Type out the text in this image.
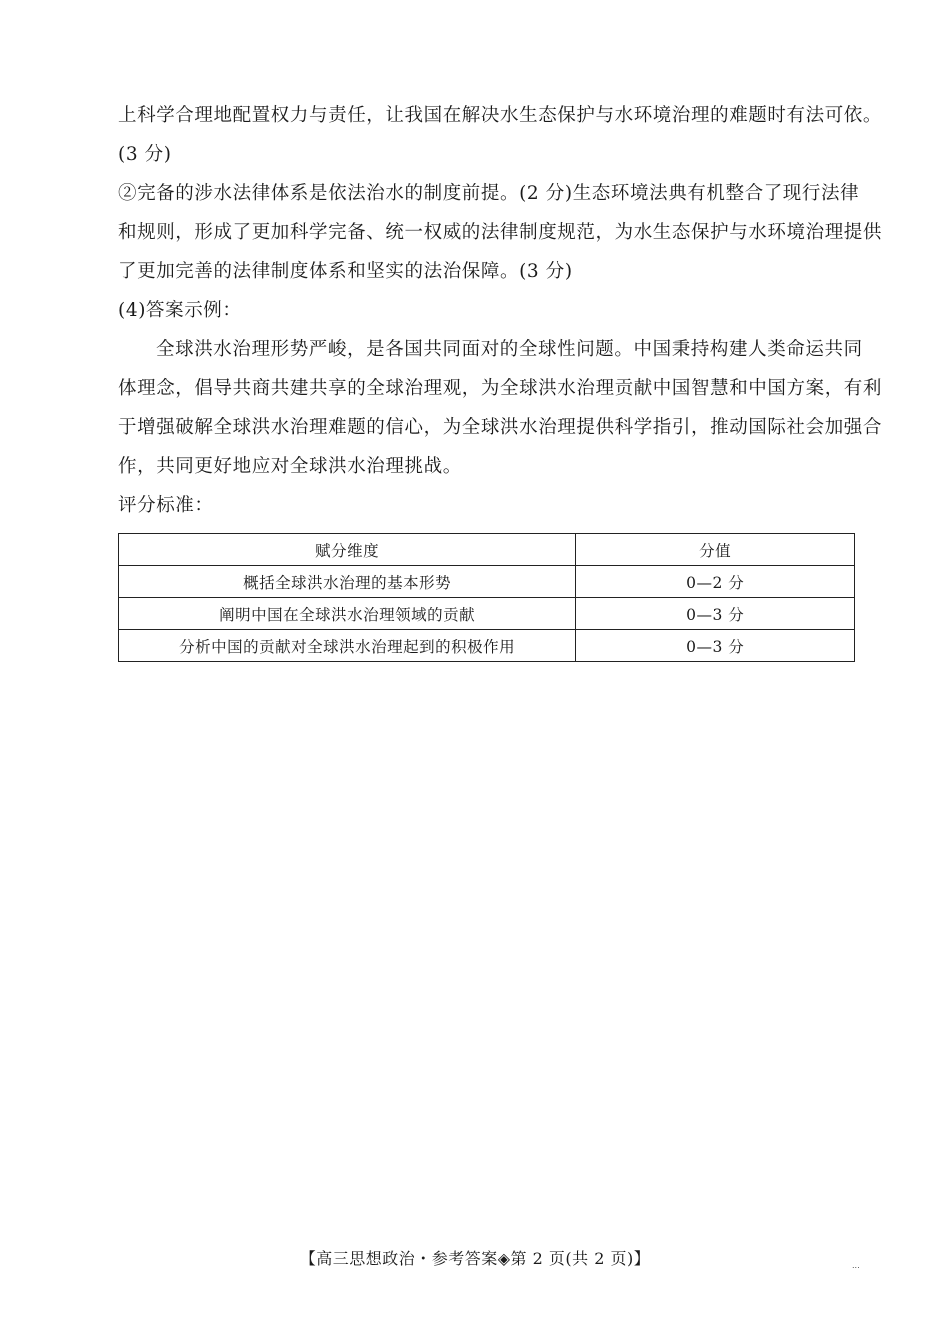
上科学合理地配置权力与责任，让我国在解决水生态保护与水环境治理的难题时有法可依。
(3 分)
②完备的涉水法律体系是依法治水的制度前提。(2 分)生态环境法典有机整合了现行法律
和规则，形成了更加科学完备、统一权威的法律制度规范，为水生态保护与水环境治理提供
了更加完善的法律制度体系和坚实的法治保障。(3 分)
(4)答案示例：
全球洪水治理形势严峻，是各国共同面对的全球性问题。中国秉持构建人类命运共同
体理念，倡导共商共建共享的全球治理观，为全球洪水治理贡献中国智慧和中国方案，有利
于增强破解全球洪水治理难题的信心，为全球洪水治理提供科学指引，推动国际社会加强合
作，共同更好地应对全球洪水治理挑战。
评分标准：
赋分维度	分值
概括全球洪水治理的基本形势	0—2 分
阐明中国在全球洪水治理领域的贡献	0—3 分
分析中国的贡献对全球洪水治理起到的积极作用	0—3 分
【高三思想政治・参考答案◈第 2 页(共 2 页)】	...
